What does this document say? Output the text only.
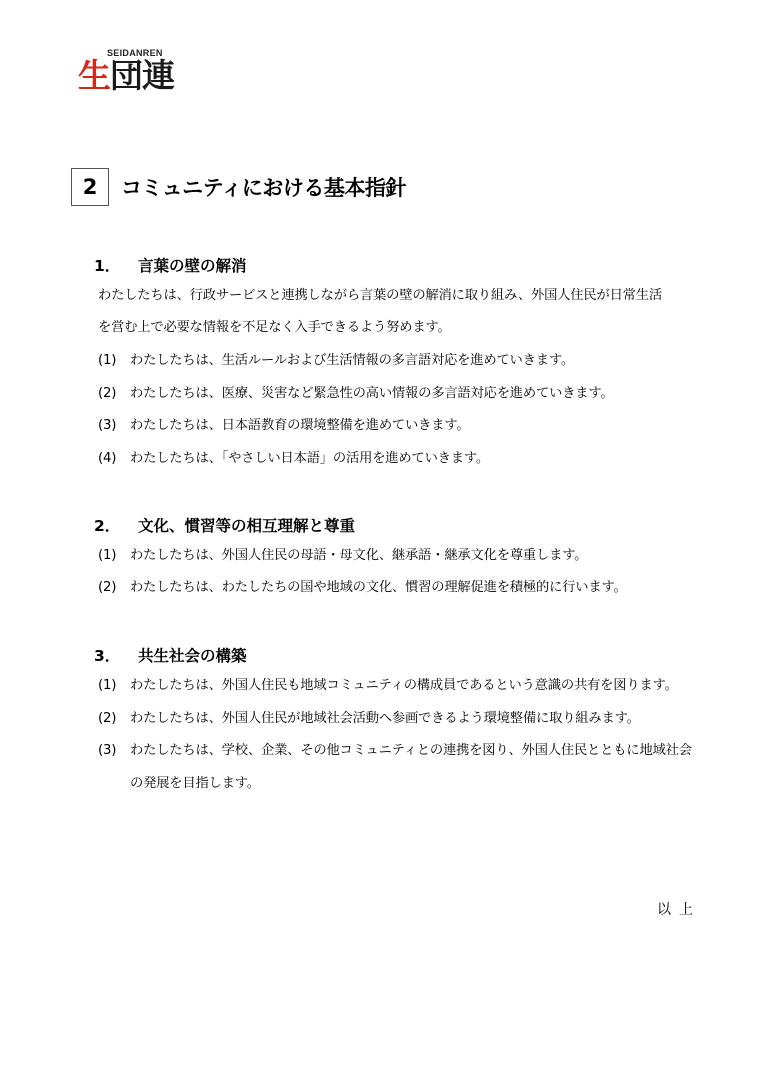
SEIDANREN
生団連
2	コミュニティにおける基本指針
1．	言葉の壁の解消
わたしたちは、行政サービスと連携しながら言葉の壁の解消に取り組み、外国人住民が日常生活
を営む上で必要な情報を不足なく入手できるよう努めます。
(1)	わたしたちは、生活ルールおよび生活情報の多言語対応を進めていきます。
(2)	わたしたちは、医療、災害など緊急性の高い情報の多言語対応を進めていきます。
(3)	わたしたちは、日本語教育の環境整備を進めていきます。
(4)	わたしたちは、「やさしい日本語」の活用を進めていきます。
2．	文化、慣習等の相互理解と尊重
(1)	わたしたちは、外国人住民の母語・母文化、継承語・継承文化を尊重します。
(2)	わたしたちは、わたしたちの国や地域の文化、慣習の理解促進を積極的に行います。
3．	共生社会の構築
(1)	わたしたちは、外国人住民も地域コミュニティの構成員であるという意識の共有を図ります。
(2)	わたしたちは、外国人住民が地域社会活動へ参画できるよう環境整備に取り組みます。
(3)	わたしたちは、学校、企業、その他コミュニティとの連携を図り、外国人住民とともに地域社会
の発展を目指します。
以上
